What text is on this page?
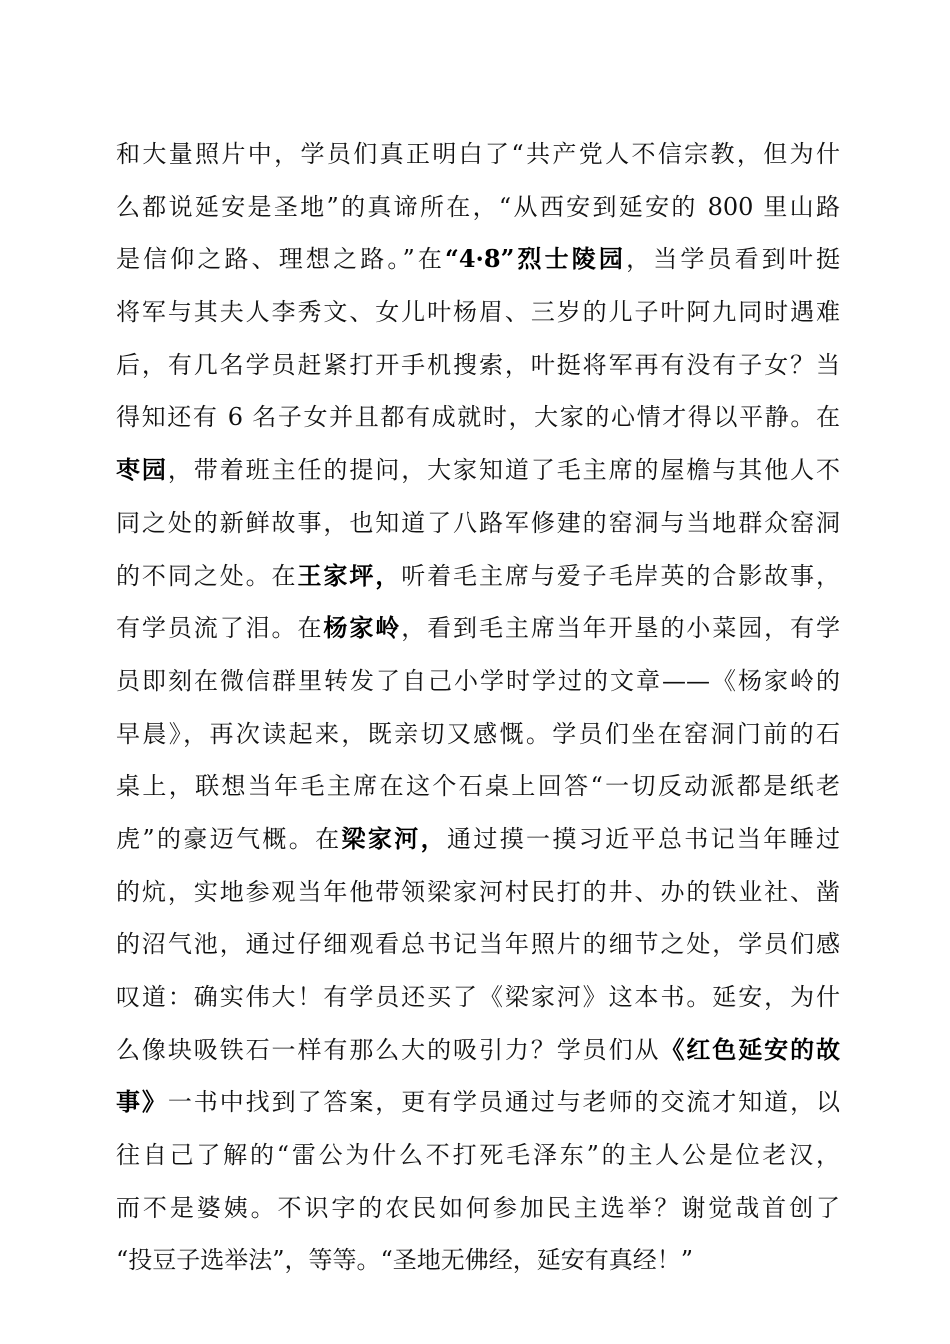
和大量照片中，学员们真正明白了“共产党人不信宗教，但为什
么都说延安是圣地”的真谛所在，“从西安到延安的 800 里山路
是信仰之路、理想之路。”在“4·8”烈士陵园，当学员看到叶挺
将军与其夫人李秀文、女儿叶杨眉、三岁的儿子叶阿九同时遇难
后，有几名学员赶紧打开手机搜索，叶挺将军再有没有子女？当
得知还有 6 名子女并且都有成就时，大家的心情才得以平静。在
枣园，带着班主任的提问，大家知道了毛主席的屋檐与其他人不
同之处的新鲜故事，也知道了八路军修建的窑洞与当地群众窑洞
的不同之处。在王家坪，听着毛主席与爱子毛岸英的合影故事，
有学员流了泪。在杨家岭，看到毛主席当年开垦的小菜园，有学
员即刻在微信群里转发了自己小学时学过的文章——《杨家岭的
早晨》，再次读起来，既亲切又感慨。学员们坐在窑洞门前的石
桌上，联想当年毛主席在这个石桌上回答“一切反动派都是纸老
虎”的豪迈气概。在梁家河，通过摸一摸习近平总书记当年睡过
的炕，实地参观当年他带领梁家河村民打的井、办的铁业社、凿
的沼气池，通过仔细观看总书记当年照片的细节之处，学员们感
叹道：确实伟大！有学员还买了《梁家河》这本书。延安，为什
么像块吸铁石一样有那么大的吸引力？学员们从《红色延安的故
事》一书中找到了答案，更有学员通过与老师的交流才知道，以
往自己了解的“雷公为什么不打死毛泽东”的主人公是位老汉，
而不是婆姨。不识字的农民如何参加民主选举？谢觉哉首创了
“投豆子选举法”，等等。“圣地无佛经，延安有真经！”
